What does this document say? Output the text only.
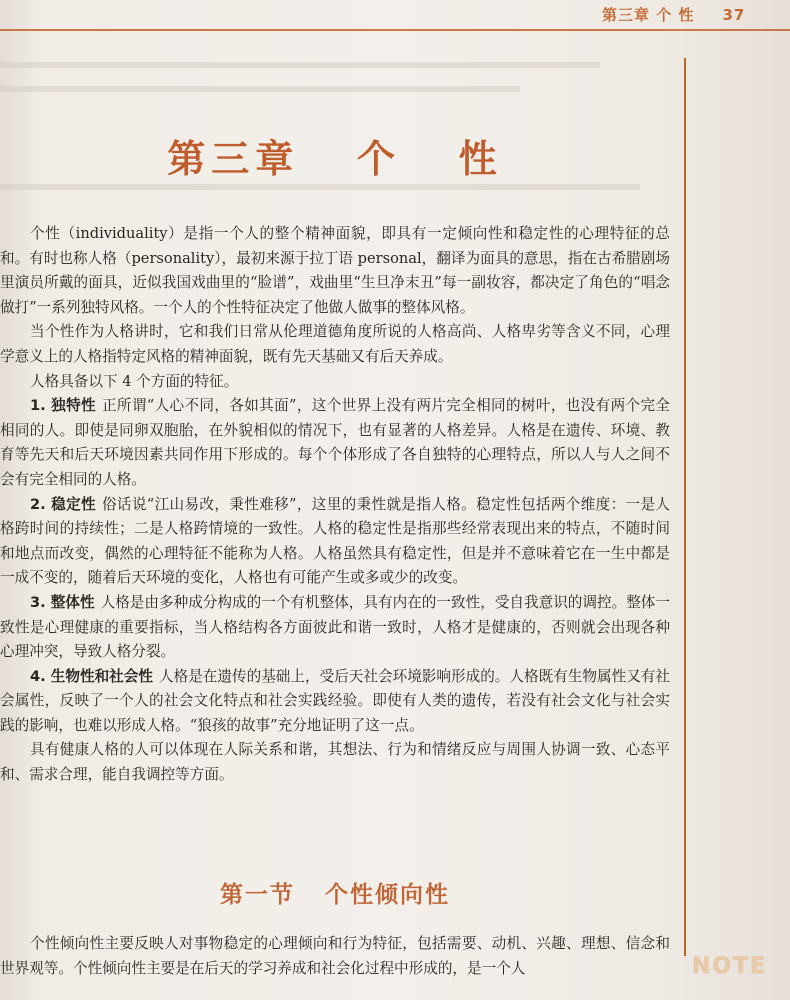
第三章 个 性 37
第三章   个   性

个性（individuality）是指一个人的整个精神面貌，即具有一定倾向性和稳定性的心理特征的总和。有时也称人格（personality），最初来源于拉丁语 personal，翻译为面具的意思，指在古希腊剧场里演员所戴的面具，近似我国戏曲里的“脸谱”，戏曲里“生旦净末丑”每一副妆容，都决定了角色的“唱念做打”一系列独特风格。一个人的个性特征决定了他做人做事的整体风格。

当个性作为人格讲时，它和我们日常从伦理道德角度所说的人格高尚、人格卑劣等含义不同，心理学意义上的人格指特定风格的精神面貌，既有先天基础又有后天养成。

人格具备以下 4 个方面的特征。

1. 独特性 正所谓“人心不同，各如其面”，这个世界上没有两片完全相同的树叶，也没有两个完全相同的人。即使是同卵双胞胎，在外貌相似的情况下，也有显著的人格差异。人格是在遗传、环境、教育等先天和后天环境因素共同作用下形成的。每个个体形成了各自独特的心理特点，所以人与人之间不会有完全相同的人格。

2. 稳定性 俗话说“江山易改，秉性难移”，这里的秉性就是指人格。稳定性包括两个维度：一是人格跨时间的持续性；二是人格跨情境的一致性。人格的稳定性是指那些经常表现出来的特点，不随时间和地点而改变，偶然的心理特征不能称为人格。人格虽然具有稳定性，但是并不意味着它在一生中都是一成不变的，随着后天环境的变化，人格也有可能产生或多或少的改变。

3. 整体性 人格是由多种成分构成的一个有机整体，具有内在的一致性，受自我意识的调控。整体一致性是心理健康的重要指标，当人格结构各方面彼此和谐一致时，人格才是健康的，否则就会出现各种心理冲突，导致人格分裂。

4. 生物性和社会性 人格是在遗传的基础上，受后天社会环境影响形成的。人格既有生物属性又有社会属性，反映了一个人的社会文化特点和社会实践经验。即使有人类的遗传，若没有社会文化与社会实践的影响，也难以形成人格。“狼孩的故事”充分地证明了这一点。

具有健康人格的人可以体现在人际关系和谐，其想法、行为和情绪反应与周围人协调一致、心态平和、需求合理，能自我调控等方面。

第一节   个性倾向性

个性倾向性主要反映人对事物稳定的心理倾向和行为特征，包括需要、动机、兴趣、理想、信念和世界观等。个性倾向性主要是在后天的学习养成和社会化过程中形成的，是一个人	NOTE
